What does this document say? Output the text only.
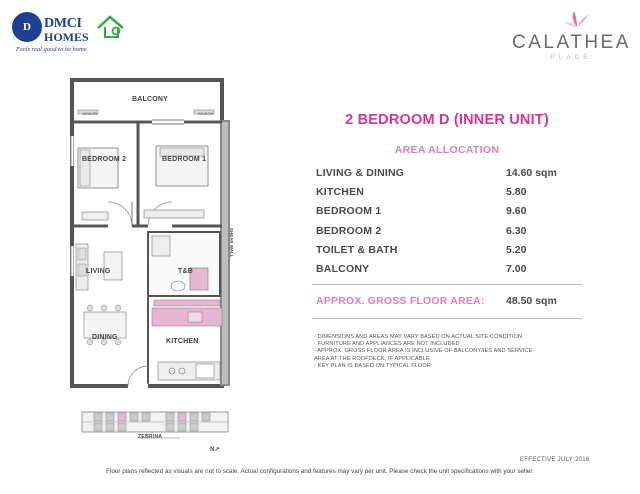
D DMCI
HOMES
Feels real good to be home	CALATHEA
PLACE
BALCONY
BEDROOM 2	BEDROOM 1
LIVING	T&B
DINING
KITCHEN
WINDOW	WINDOW
SHEAR WALL
ZEBRINA
N↗
2 BEDROOM D (INNER UNIT)
AREA ALLOCATION
LIVING & DINING	14.60 sqm
KITCHEN	5.80
BEDROOM 1	9.60
BEDROOM 2	6.30
TOILET & BATH	5.20
BALCONY	7.00
APPROX. GROSS FLOOR AREA: 48.50 sqm
- DIMENSIONS AND AREAS MAY VARY BASED ON ACTUAL SITE CONDITION
- FURNITURE AND APPLIANCES ARE NOT INCLUDED
- APPROX. GROSS FLOOR AREA IS INCLUSIVE OF BALCONY/IES AND SERVICE
AREA AT THE ROOFDECK, IF APPLICABLE.
- KEY PLAN IS BASED ON TYPICAL FLOOR
EFFECTIVE JULY 2016
Floor plans reflected as visuals are not to scale. Actual configurations and features may vary per unit. Please check the unit specifications with your seller.
